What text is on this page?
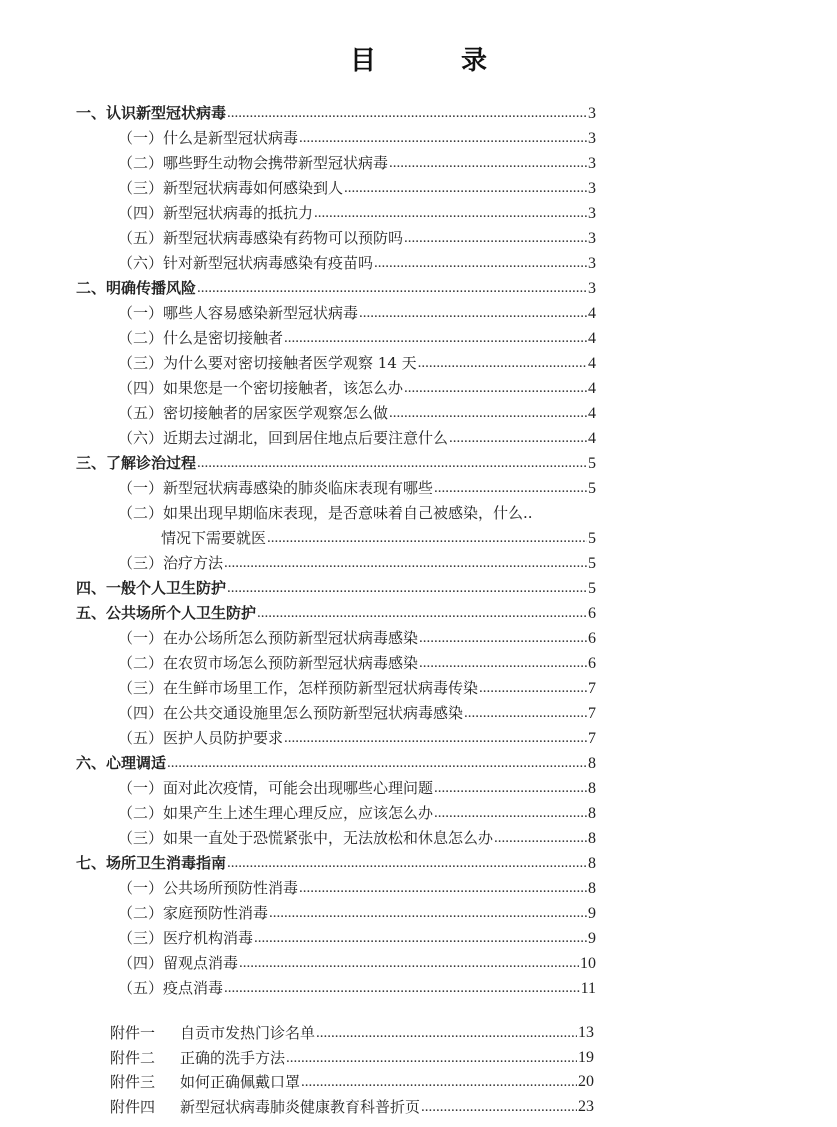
目 录
一、认识新型冠状病毒 .....	3
（一）什么是新型冠状病毒 .....	3
（二）哪些野生动物会携带新型冠状病毒 .....	3
（三）新型冠状病毒如何感染到人 .....	3
（四）新型冠状病毒的抵抗力 .....	3
（五）新型冠状病毒感染有药物可以预防吗 .....	3
（六）针对新型冠状病毒感染有疫苗吗 .....	3
二、明确传播风险 .....	3
（一）哪些人容易感染新型冠状病毒 .....	4
（二）什么是密切接触者 .....	4
（三）为什么要对密切接触者医学观察 14 天 .....	4
（四）如果您是一个密切接触者，该怎么办 .....	4
（五）密切接触者的居家医学观察怎么做 .....	4
（六）近期去过湖北，回到居住地点后要注意什么 .....	4
三、了解诊治过程 .....	5
（一）新型冠状病毒感染的肺炎临床表现有哪些 .....	5
（二）如果出现早期临床表现，是否意味着自己被感染，什么..
情况下需要就医 .....	5
（三）治疗方法 .....	5
四、一般个人卫生防护 .....	5
五、公共场所个人卫生防护 .....	6
（一）在办公场所怎么预防新型冠状病毒感染 .....	6
（二）在农贸市场怎么预防新型冠状病毒感染 .....	6
（三）在生鲜市场里工作，怎样预防新型冠状病毒传染 .....	7
（四）在公共交通设施里怎么预防新型冠状病毒感染 .....	7
（五）医护人员防护要求 .....	7
六、心理调适 .....	8
（一）面对此次疫情，可能会出现哪些心理问题 .....	8
（二）如果产生上述生理心理反应，应该怎么办 .....	8
（三）如果一直处于恐慌紧张中，无法放松和休息怎么办 .....	8
七、场所卫生消毒指南 .....	8
（一）公共场所预防性消毒 .....	8
（二）家庭预防性消毒 .....	9
（三）医疗机构消毒 .....	9
（四）留观点消毒 .....	10
（五）疫点消毒 .....	11
附件一	自贡市发热门诊名单 .....	13
附件二	正确的洗手方法 .....	19
附件三	如何正确佩戴口罩 .....	20
附件四	新型冠状病毒肺炎健康教育科普折页 .....	23
